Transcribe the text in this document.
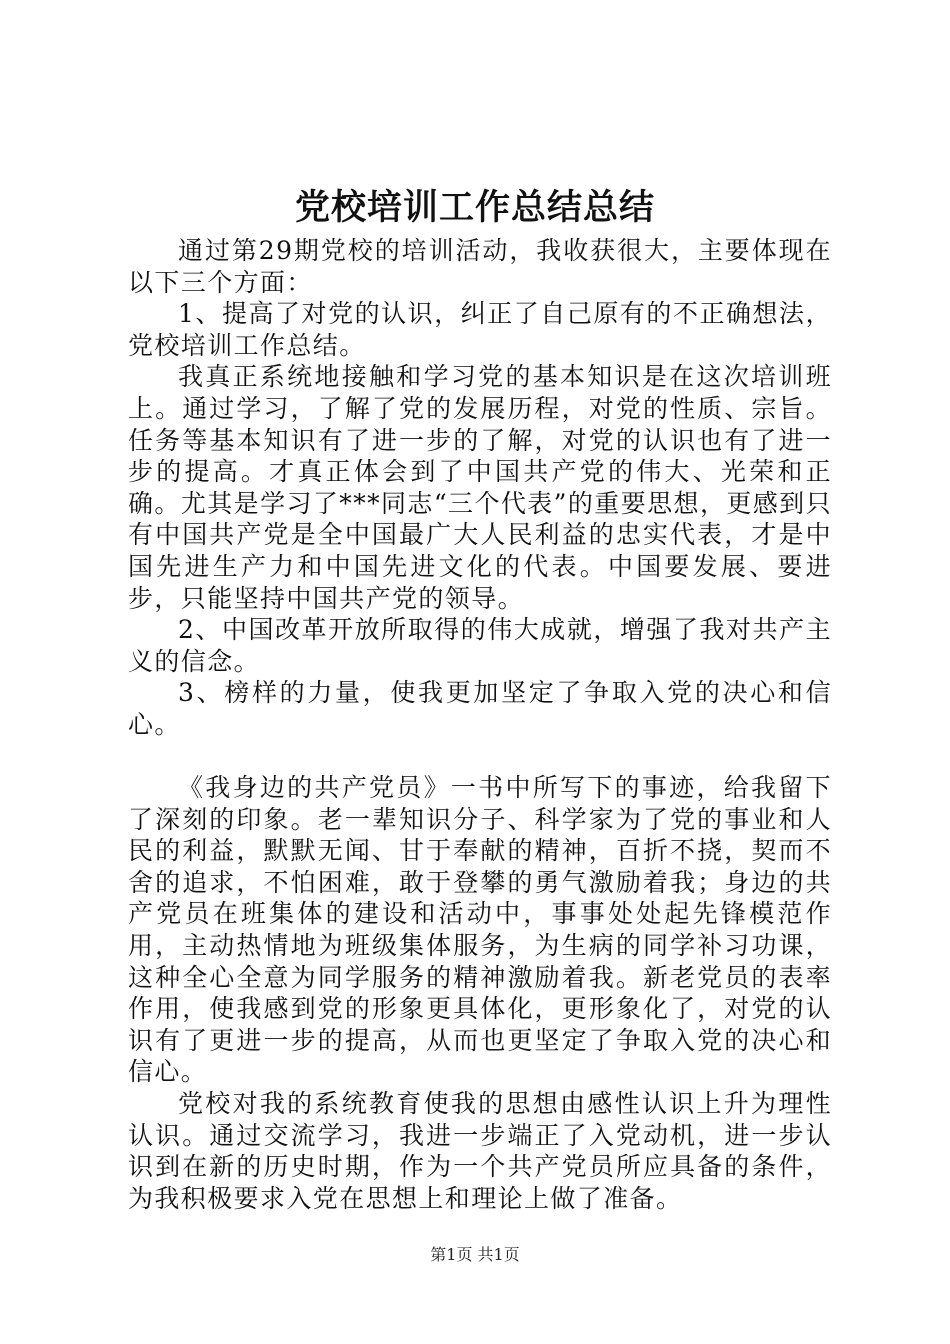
党校培训工作总结总结

通过第29期党校的培训活动，我收获很大，主要体现在以下三个方面：

1、提高了对党的认识，纠正了自己原有的不正确想法，党校培训工作总结。

我真正系统地接触和学习党的基本知识是在这次培训班上。通过学习，了解了党的发展历程，对党的性质、宗旨。任务等基本知识有了进一步的了解，对党的认识也有了进一步的提高。才真正体会到了中国共产党的伟大、光荣和正确。尤其是学习了***同志“三个代表”的重要思想，更感到只有中国共产党是全中国最广大人民利益的忠实代表，才是中国先进生产力和中国先进文化的代表。中国要发展、要进步，只能坚持中国共产党的领导。

2、中国改革开放所取得的伟大成就，增强了我对共产主义的信念。

3、榜样的力量，使我更加坚定了争取入党的决心和信心。

《我身边的共产党员》一书中所写下的事迹，给我留下了深刻的印象。老一辈知识分子、科学家为了党的事业和人民的利益，默默无闻、甘于奉献的精神，百折不挠，契而不舍的追求，不怕困难，敢于登攀的勇气激励着我；身边的共产党员在班集体的建设和活动中，事事处处起先锋模范作用，主动热情地为班级集体服务，为生病的同学补习功课，这种全心全意为同学服务的精神激励着我。新老党员的表率作用，使我感到党的形象更具体化，更形象化了，对党的认识有了更进一步的提高，从而也更坚定了争取入党的决心和信心。

党校对我的系统教育使我的思想由感性认识上升为理性认识。通过交流学习，我进一步端正了入党动机，进一步认识到在新的历史时期，作为一个共产党员所应具备的条件，为我积极要求入党在思想上和理论上做了准备。

第1页 共1页
